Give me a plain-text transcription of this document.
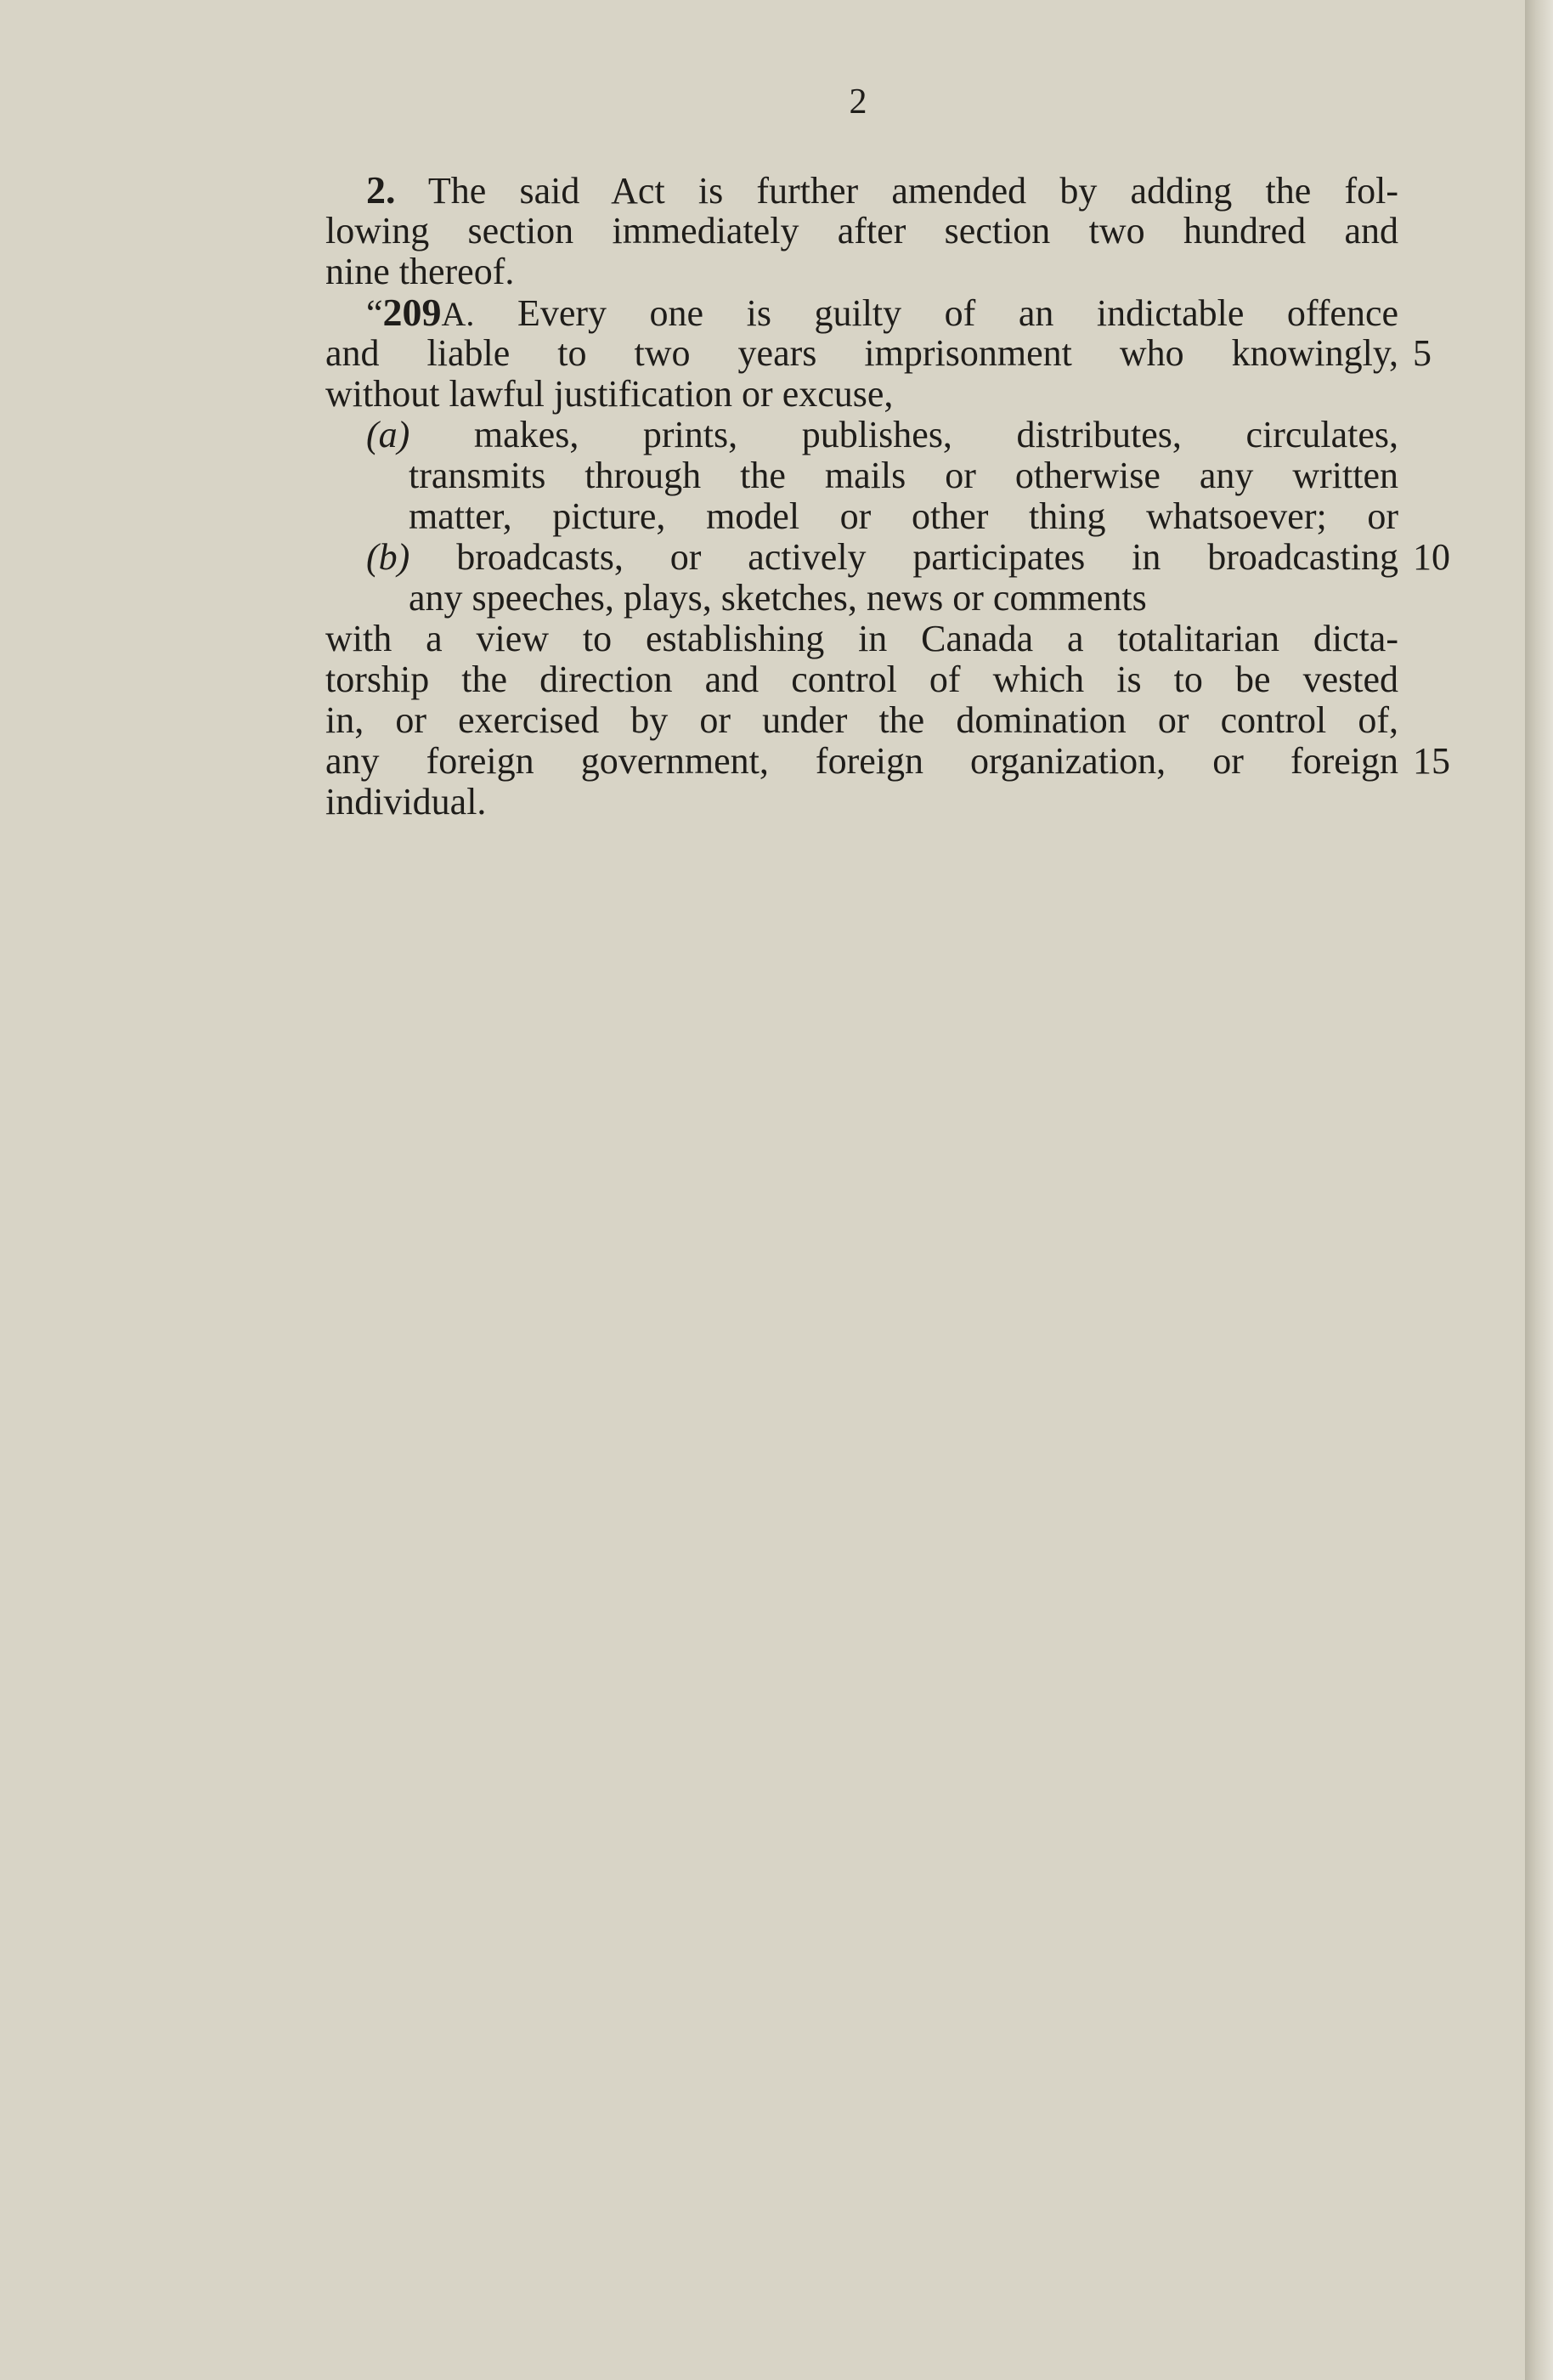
2
2. The said Act is further amended by adding the fol-
lowing section immediately after section two hundred and
nine thereof.
“209A. Every one is guilty of an indictable offence
and liable to two years imprisonment who knowingly, 5
without lawful justification or excuse,
(a) makes, prints, publishes, distributes, circulates,
transmits through the mails or otherwise any written
matter, picture, model or other thing whatsoever; or
(b) broadcasts, or actively participates in broadcasting 10
any speeches, plays, sketches, news or comments
with a view to establishing in Canada a totalitarian dicta-
torship the direction and control of which is to be vested
in, or exercised by or under the domination or control of,
any foreign government, foreign organization, or foreign 15
individual.
